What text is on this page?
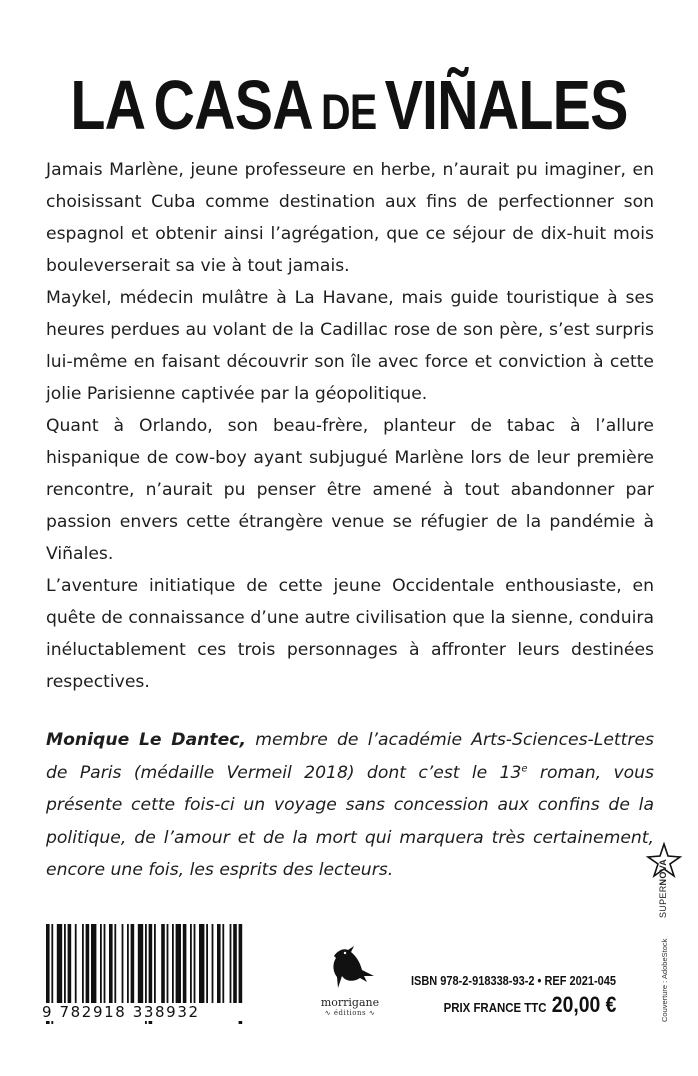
LA CASA DE VIÑALES

Jamais Marlène, jeune professeure en herbe, n’aurait pu imaginer, en choisissant Cuba comme destination aux fins de perfectionner son espagnol et obtenir ainsi l’agrégation, que ce séjour de dix-huit mois bouleverserait sa vie à tout jamais.

Maykel, médecin mulâtre à La Havane, mais guide touristique à ses heures perdues au volant de la Cadillac rose de son père, s’est surpris lui-même en faisant découvrir son île avec force et conviction à cette jolie Parisienne captivée par la géopolitique.

Quant à Orlando, son beau-frère, planteur de tabac à l’allure hispanique de cow-boy ayant subjugué Marlène lors de leur première rencontre, n’aurait pu penser être amené à tout abandonner par passion envers cette étrangère venue se réfugier de la pandémie à Viñales.

L’aventure initiatique de cette jeune Occidentale enthousiaste, en quête de connaissance d’une autre civilisation que la sienne, conduira inéluctablement ces trois personnages à affronter leurs destinées respectives.

Monique Le Dantec, membre de l’académie Arts-Sciences-Lettres de Paris (médaille Vermeil 2018) dont c’est le 13e roman, vous présente cette fois-ci un voyage sans concession aux confins de la politique, de l’amour et de la mort qui marquera très certainement, encore une fois, les esprits des lecteurs.
9 782918 338932
morrigane
∿ éditions ∿
ISBN 978-2-918338-93-2 • REF 2021-045
PRIX FRANCE TTC 20,00 €
SUPERNOVA
Couverture : AdobeStock
